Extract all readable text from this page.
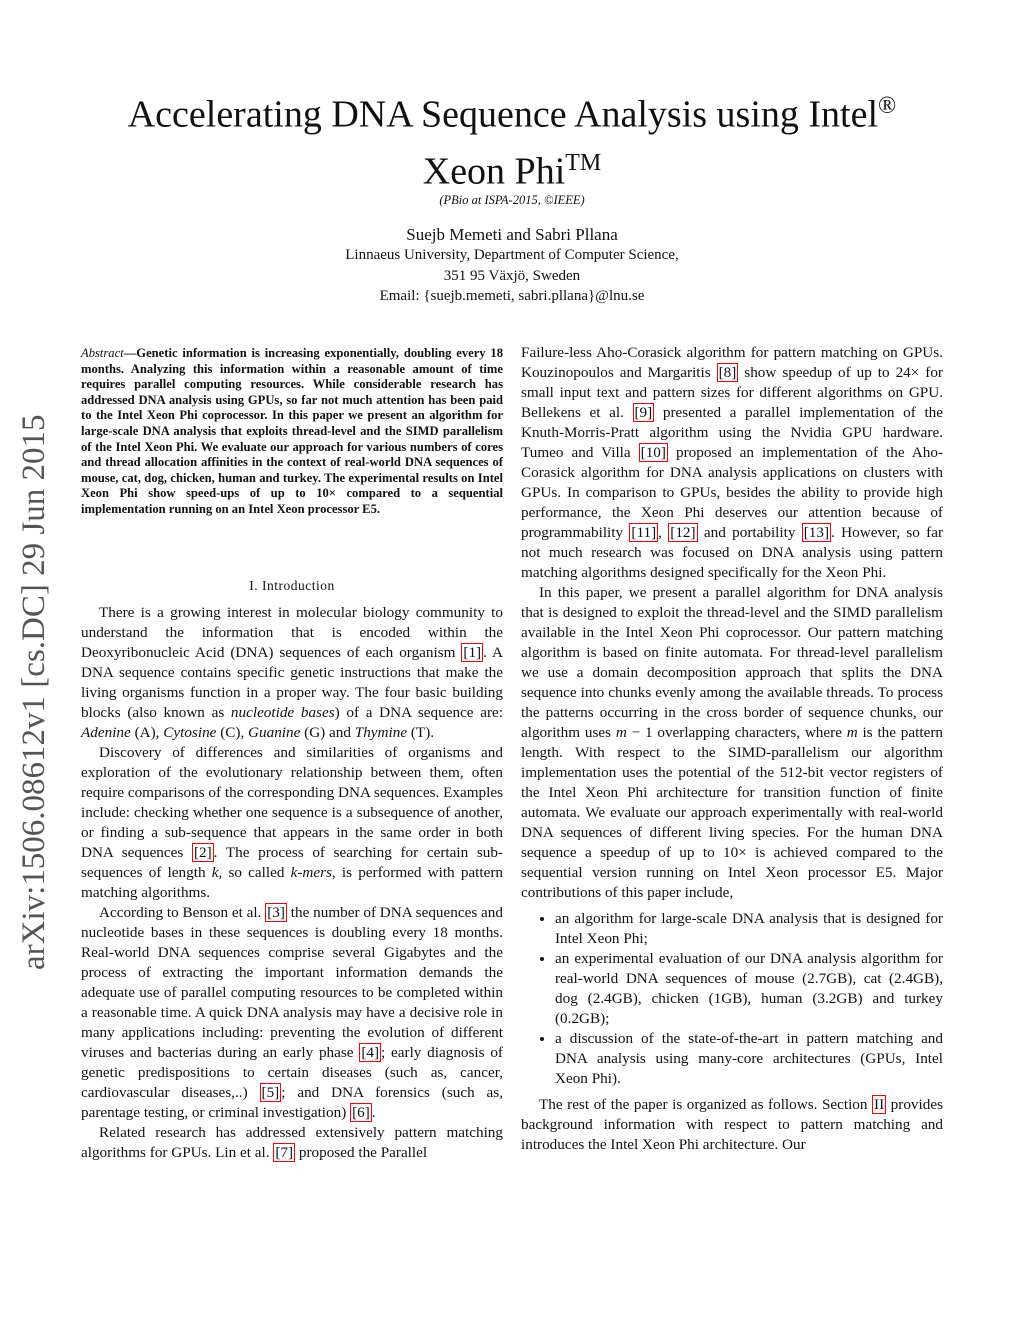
Accelerating DNA Sequence Analysis using Intel®
Xeon Phi™
(PBio at ISPA-2015, ©IEEE)
Suejb Memeti and Sabri Pllana
Linnaeus University, Department of Computer Science,
351 95 Växjö, Sweden
Email: {suejb.memeti, sabri.pllana}@lnu.se
arXiv:1506.08612v1 [cs.DC] 29 Jun 2015
Abstract—Genetic information is increasing exponentially, doubling every 18 months. Analyzing this information within a reasonable amount of time requires parallel computing resources. While considerable research has addressed DNA analysis using GPUs, so far not much attention has been paid to the Intel Xeon Phi coprocessor. In this paper we present an algorithm for large-scale DNA analysis that exploits thread-level and the SIMD parallelism of the Intel Xeon Phi. We evaluate our approach for various numbers of cores and thread allocation affinities in the context of real-world DNA sequences of mouse, cat, dog, chicken, human and turkey. The experimental results on Intel Xeon Phi show speed-ups of up to 10× compared to a sequential implementation running on an Intel Xeon processor E5.
I. Introduction

There is a growing interest in molecular biology community to understand the information that is encoded within the Deoxyribonucleic Acid (DNA) sequences of each organism [1] . A DNA sequence contains specific genetic instructions that make the living organisms function in a proper way. The four basic building blocks (also known as nucleotide bases) of a DNA sequence are: Adenine (A), Cytosine (C), Guanine (G) and Thymine (T).

Discovery of differences and similarities of organisms and exploration of the evolutionary relationship between them, often require comparisons of the corresponding DNA sequences. Examples include: checking whether one sequence is a subsequence of another, or finding a sub-sequence that appears in the same order in both DNA sequences [2] . The process of searching for certain sub-sequences of length k, so called k-mers, is performed with pattern matching algorithms.

According to Benson et al. [3] the number of DNA sequences and nucleotide bases in these sequences is doubling every 18 months. Real-world DNA sequences comprise several Gigabytes and the process of extracting the important information demands the adequate use of parallel computing resources to be completed within a reasonable time. A quick DNA analysis may have a decisive role in many applications including: preventing the evolution of different viruses and bacterias during an early phase [4] ; early diagnosis of genetic predispositions to certain diseases (such as, cancer, cardiovascular diseases,..) [5] ; and DNA forensics (such as, parentage testing, or criminal investigation) [6] .

Related research has addressed extensively pattern matching algorithms for GPUs. Lin et al. [7] proposed the Parallel

Failure-less Aho-Corasick algorithm for pattern matching on GPUs. Kouzinopoulos and Margaritis [8] show speedup of up to 24× for small input text and pattern sizes for different algorithms on GPU. Bellekens et al. [9] presented a parallel implementation of the Knuth-Morris-Pratt algorithm using the Nvidia GPU hardware. Tumeo and Villa [10] proposed an implementation of the Aho-Corasick algorithm for DNA analysis applications on clusters with GPUs. In comparison to GPUs, besides the ability to provide high performance, the Xeon Phi deserves our attention because of programmability [11] , [12] and portability [13] . However, so far not much research was focused on DNA analysis using pattern matching algorithms designed specifically for the Xeon Phi.

In this paper, we present a parallel algorithm for DNA analysis that is designed to exploit the thread-level and the SIMD parallelism available in the Intel Xeon Phi coprocessor. Our pattern matching algorithm is based on finite automata. For thread-level parallelism we use a domain decomposition approach that splits the DNA sequence into chunks evenly among the available threads. To process the patterns occurring in the cross border of sequence chunks, our algorithm uses m − 1 overlapping characters, where m is the pattern length. With respect to the SIMD-parallelism our algorithm implementation uses the potential of the 512-bit vector registers of the Intel Xeon Phi architecture for transition function of finite automata. We evaluate our approach experimentally with real-world DNA sequences of different living species. For the human DNA sequence a speedup of up to 10× is achieved compared to the sequential version running on Intel Xeon processor E5. Major contributions of this paper include,

• an algorithm for large-scale DNA analysis that is designed for Intel Xeon Phi;
• an experimental evaluation of our DNA analysis algorithm for real-world DNA sequences of mouse (2.7GB), cat (2.4GB), dog (2.4GB), chicken (1GB), human (3.2GB) and turkey (0.2GB);
• a discussion of the state-of-the-art in pattern matching and DNA analysis using many-core architectures (GPUs, Intel Xeon Phi).

The rest of the paper is organized as follows. Section II provides background information with respect to pattern matching and introduces the Intel Xeon Phi architecture. Our
